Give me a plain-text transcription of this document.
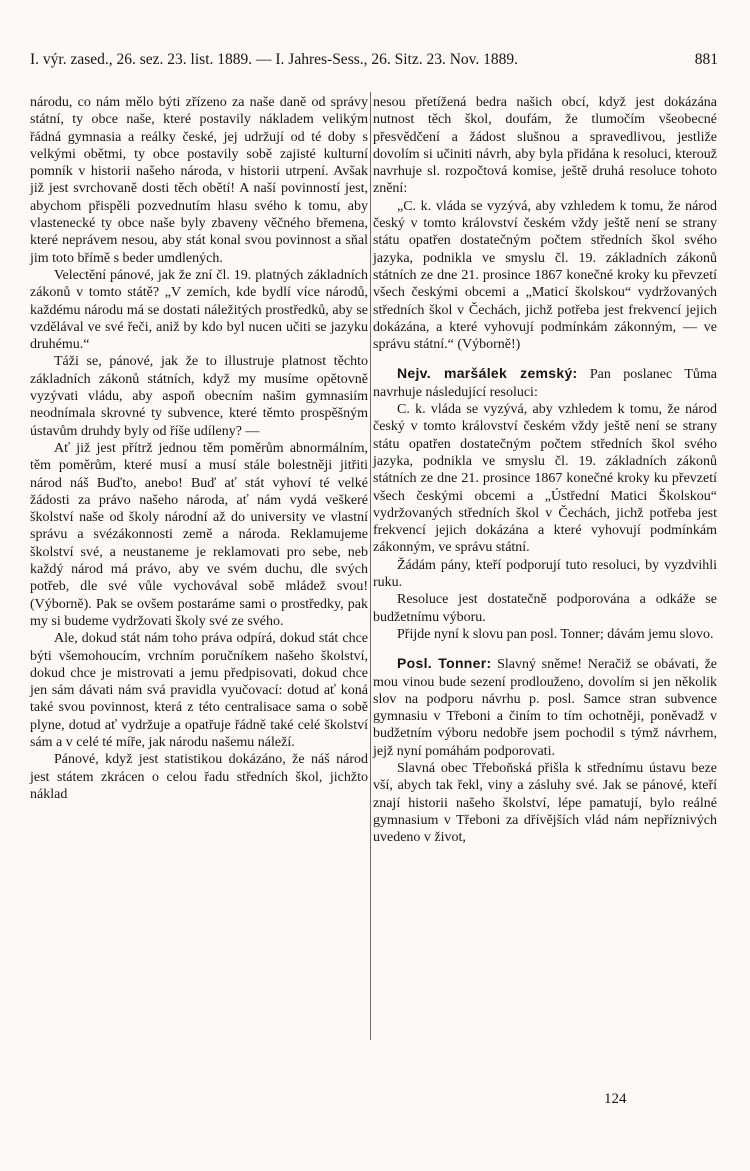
I. výr. zased., 26. sez. 23. list. 1889. — I. Jahres-Sess., 26. Sitz. 23. Nov. 1889.	881

národu, co nám mělo býti zřízeno za naše daně od správy státní, ty obce naše, které postavily nákladem velikým řádná gymnasia a reálky české, jej udržují od té doby s velkými obětmi, ty obce postavily sobě zajisté kulturní pomník v historii našeho národa, v historii utrpení. Avšak již jest svrchovaně dosti těch obětí! A naší povinností jest, abychom přispěli pozvednutím hlasu svého k tomu, aby vlastenecké ty obce naše byly zbaveny věčného břemena, které neprávem nesou, aby stát konal svou povinnost a sňal jim toto břímě s beder umdlených.

Velectění pánové, jak že zní čl. 19. platných základních zákonů v tomto státě? „V zemích, kde bydlí více národů, každému národu má se dostati náležitých prostředků, aby se vzdělával ve své řeči, aniž by kdo byl nucen učiti se jazyku druhému.“

Táži se, pánové, jak že to illustruje platnost těchto základních zákonů státních, když my musíme opětovně vyzývati vládu, aby aspoň obecním našim gymnasiím neodnímala skrovné ty subvence, které těmto prospěšným ústavům druhdy byly od říše udíleny? —

Ať již jest přítrž jednou těm poměrům abnormálním, těm poměrům, které musí a musí stále bolestněji jitřiti národ náš Buďto, anebo! Buď ať stát vyhoví té velké žádosti za právo našeho národa, ať nám vydá veškeré školství naše od školy národní až do university ve vlastní správu a svézákonnosti země a národa. Reklamujeme školství své, a neustaneme je reklamovati pro sebe, neb každý národ má právo, aby ve svém duchu, dle svých potřeb, dle své vůle vychovával sobě mládež svou! (Výborně). Pak se ovšem postaráme sami o prostředky, pak my si budeme vydržovati školy své ze svého.

Ale, dokud stát nám toho práva odpírá, dokud stát chce býti všemohoucím, vrchním poručníkem našeho školství, dokud chce je mistrovati a jemu předpisovati, dokud chce jen sám dávati nám svá pravidla vyučovací: dotud ať koná také svou povinnost, která z této centralisace sama o sobě plyne, dotud ať vydržuje a opatřuje řádně také celé školství sám a v celé té míře, jak národu našemu náleží.

Pánové, když jest statistikou dokázáno, že náš národ jest státem zkrácen o celou řadu středních škol, jichžto náklad

nesou přetížená bedra našich obcí, když jest dokázána nutnost těch škol, doufám, že tlumočím všeobecné přesvědčení a žádost slušnou a spravedlivou, jestliže dovolím si učiniti návrh, aby byla přidána k resoluci, kterouž navrhuje sl. rozpočtová komise, ještě druhá resoluce tohoto znění:

„C. k. vláda se vyzývá, aby vzhledem k tomu, že národ český v tomto království českém vždy ještě není se strany státu opatřen dostatečným počtem středních škol svého jazyka, podnikla ve smyslu čl. 19. základních zákonů státních ze dne 21. prosince 1867 konečné kroky ku převzetí všech českými obcemi a „Maticí školskou“ vydržovaných středních škol v Čechách, jichž potřeba jest frekvencí jejich dokázána, a které vyhovují podmínkám zákonným, — ve správu státní.“ (Výborně!)

Nejv. maršálek zemský: Pan poslanec Tůma navrhuje následující resoluci:

C. k. vláda se vyzývá, aby vzhledem k tomu, že národ český v tomto království českém vždy ještě není se strany státu opatřen dostatečným počtem středních škol svého jazyka, podnikla ve smyslu čl. 19. základních zákonů státních ze dne 21. prosince 1867 konečné kroky ku převzetí všech českými obcemi a „Ústřední Matici Školskou“ vydržovaných středních škol v Čechách, jichž potřeba jest frekvencí jejich dokázána a které vyhovují podmínkám zákonným, ve správu státní.

Žádám pány, kteří podporují tuto resoluci, by vyzdvihli ruku.

Resoluce jest dostatečně podporována a odkáže se budžetnímu výboru.

Přijde nyní k slovu pan posl. Tonner; dávám jemu slovo.

Posl. Tonner: Slavný sněme! Neračiž se obávati, že mou vinou bude sezení prodlouženo, dovolím si jen několik slov na podporu návrhu p. posl. Samce stran subvence gymnasiu v Třeboni a činím to tím ochotněji, poněvadž v budžetním výboru nedobře jsem pochodil s týmž návrhem, jejž nyní pomáhám podporovati.

Slavná obec Třeboňská přišla k střednímu ústavu beze vší, abych tak řekl, viny a zásluhy své. Jak se pánové, kteří znají historii našeho školství, lépe pamatují, bylo reálné gymnasium v Třeboni za dřívějších vlád nám nepříznivých uvedeno v život,

124
